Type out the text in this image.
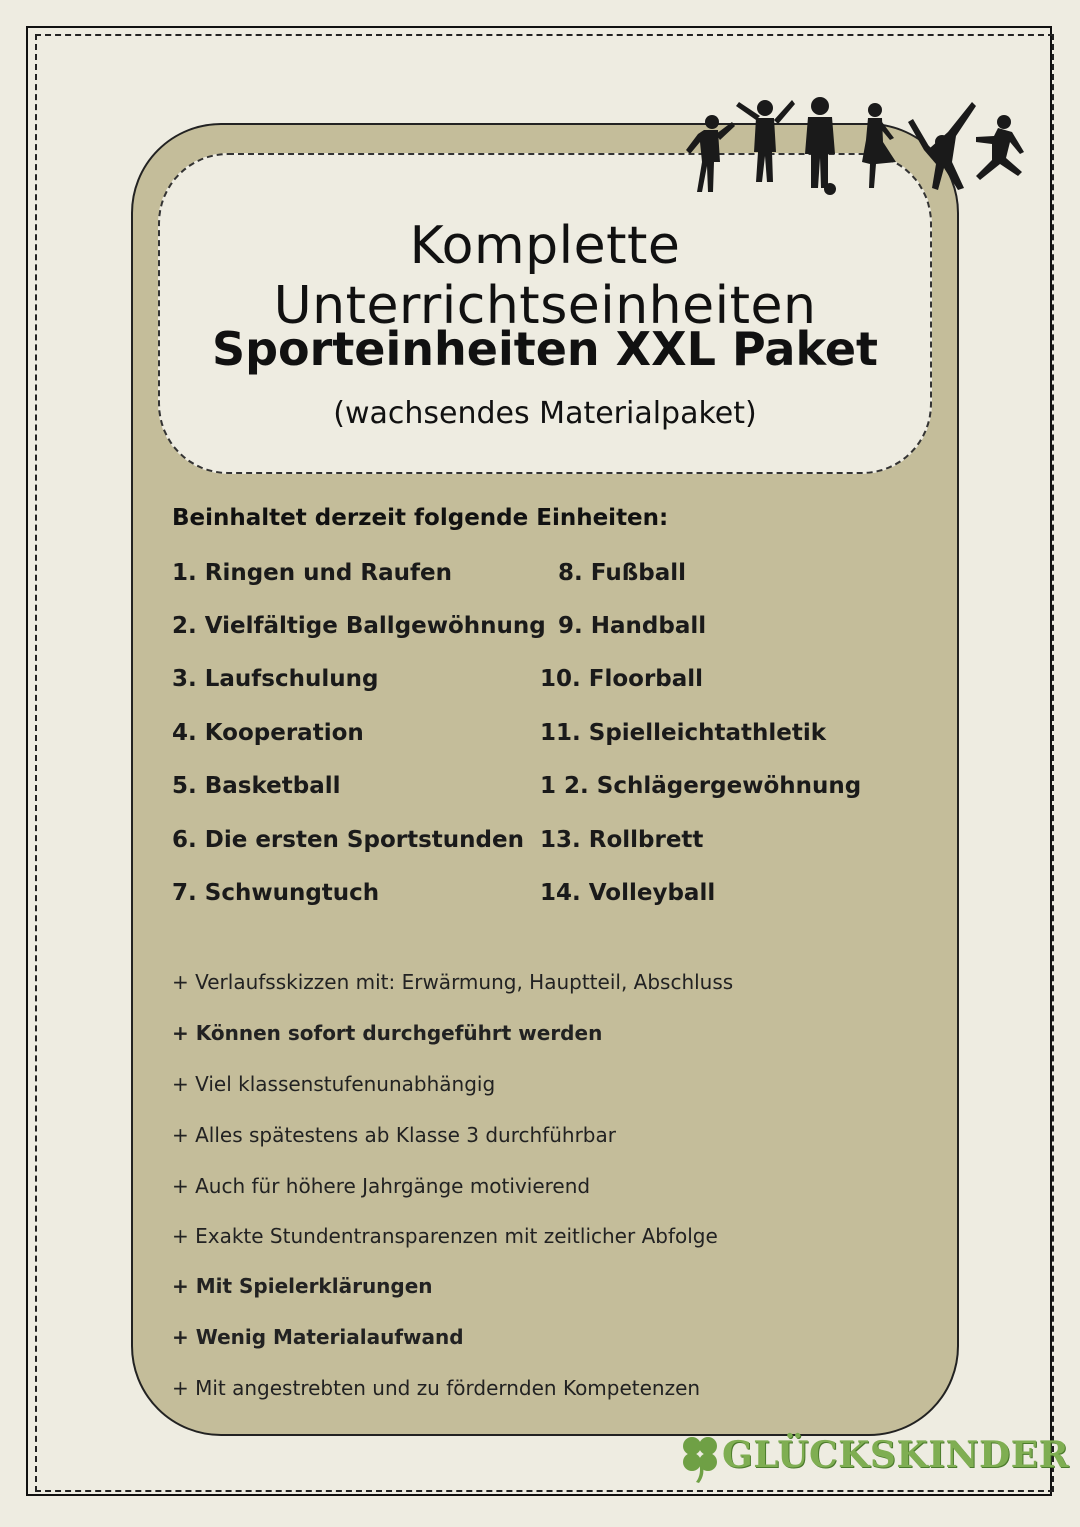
Komplette Unterrichtseinheiten
Sporteinheiten XXL Paket
(wachsendes Materialpaket)
Beinhaltet derzeit folgende Einheiten:
1. Ringen und Raufen
2. Vielfältige Ballgewöhnung
3. Laufschulung
4. Kooperation
5. Basketball
6. Die ersten Sportstunden
7. Schwungtuch
8. Fußball
9. Handball
10. Floorball
11. Spielleichtathletik
1 2. Schlägergewöhnung
13. Rollbrett
14. Volleyball
+ Verlaufsskizzen mit: Erwärmung, Hauptteil, Abschluss
+ Können sofort durchgeführt werden
+ Viel klassenstufenunabhängig
+ Alles spätestens ab Klasse 3 durchführbar
+ Auch für höhere Jahrgänge motivierend
+ Exakte Stundentransparenzen mit zeitlicher Abfolge
+ Mit Spielerklärungen
+ Wenig Materialaufwand
+ Mit angestrebten und zu fördernden Kompetenzen
GLÜCKSKINDER
